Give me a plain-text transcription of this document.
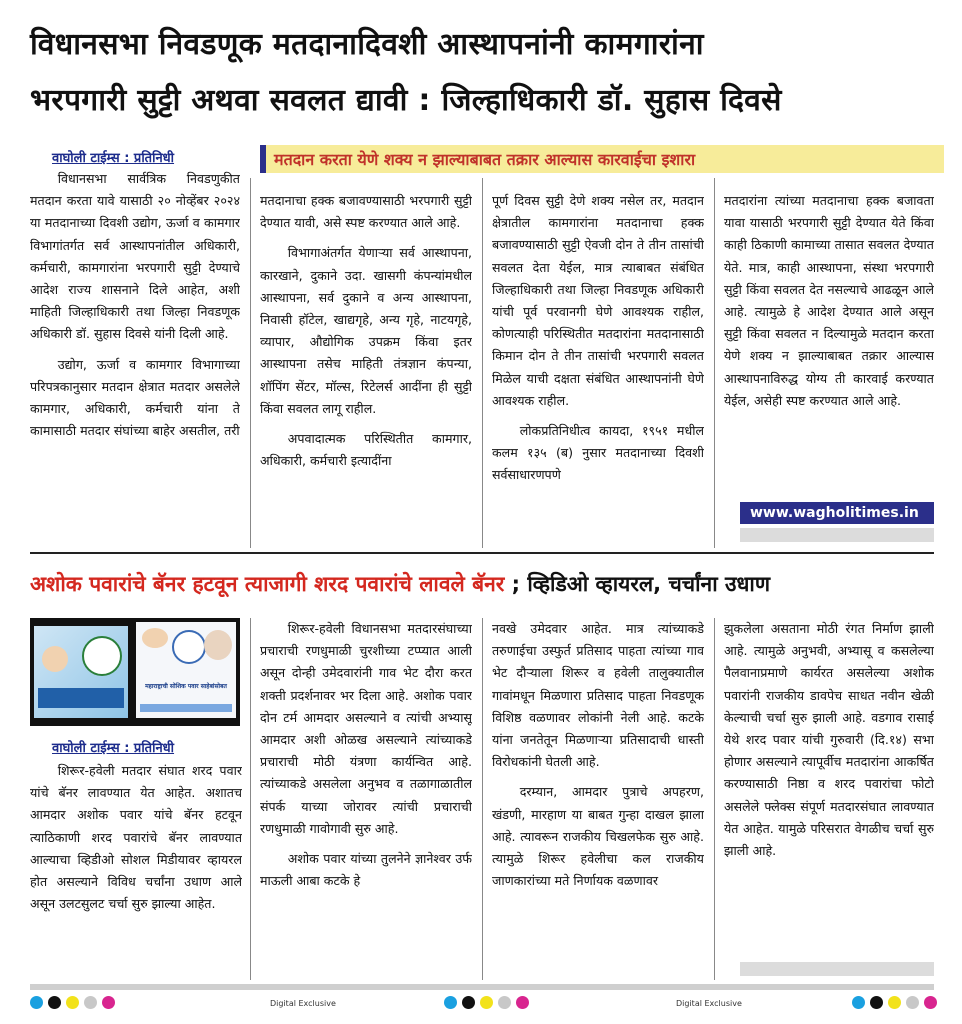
विधानसभा निवडणूक मतदानादिवशी आस्थापनांनी कामगारांना
भरपगारी सुट्टी अथवा सवलत द्यावी : जिल्हाधिकारी डॉ. सुहास दिवसे
वाघोली टाईम्स : प्रतिनिधी	मतदान करता येणे शक्य न झाल्याबाबत तक्रार आल्यास कारवाईचा इशारा

विधानसभा सार्वत्रिक निवडणुकीत मतदान करता यावे यासाठी २० नोव्हेंबर २०२४ या मतदानाच्या दिवशी उद्योग, ऊर्जा व कामगार विभागांतर्गत सर्व आस्थापनांतील अधिकारी, कर्मचारी, कामगारांना भरपगारी सुट्टी देण्याचे आदेश राज्य शासनाने दिले आहेत, अशी माहिती जिल्हाधिकारी तथा जिल्हा निवडणूक अधिकारी डॉ. सुहास दिवसे यांनी दिली आहे.

उद्योग, ऊर्जा व कामगार विभागाच्या परिपत्रकानुसार मतदान क्षेत्रात मतदार असलेले कामगार, अधिकारी, कर्मचारी यांना ते कामासाठी मतदार संघांच्या बाहेर असतील, तरी

मतदानाचा हक्क बजावण्यासाठी भरपगारी सुट्टी देण्यात यावी, असे स्पष्ट करण्यात आले आहे.

विभागाअंतर्गत येणाऱ्या सर्व आस्थापना, कारखाने, दुकाने उदा. खासगी कंपन्यांमधील आस्थापना, सर्व दुकाने व अन्य आस्थापना, निवासी हॉटेल, खाद्यगृहे, अन्य गृहे, नाटयगृहे, व्यापार, औद्योगिक उपक्रम किंवा इतर आस्थापना तसेच माहिती तंत्रज्ञान कंपन्या, शॉपिंग सेंटर, मॉल्स, रिटेलर्स आदींना ही सुट्टी किंवा सवलत लागू राहील.

अपवादात्मक परिस्थितीत कामगार, अधिकारी, कर्मचारी इत्यादींना

पूर्ण दिवस सुट्टी देणे शक्य नसेल तर, मतदान क्षेत्रातील कामगारांना मतदानाचा हक्क बजावण्यासाठी सुट्टी ऐवजी दोन ते तीन तासांची सवलत देता येईल, मात्र त्याबाबत संबंधित जिल्हाधिकारी तथा जिल्हा निवडणूक अधिकारी यांची पूर्व परवानगी घेणे आवश्यक राहील, कोणत्याही परिस्थितीत मतदारांना मतदानासाठी किमान दोन ते तीन तासांची भरपगारी सवलत मिळेल याची दक्षता संबंधित आस्थापनांनी घेणे आवश्यक राहील.

लोकप्रतिनिधीत्व कायदा, १९५१ मधील कलम १३५ (ब) नुसार मतदानाच्या दिवशी सर्वसाधारणपणे

मतदारांना त्यांच्या मतदानाचा हक्क बजावता यावा यासाठी भरपगारी सुट्टी देण्यात येते किंवा काही ठिकाणी कामाच्या तासात सवलत देण्यात येते. मात्र, काही आस्थापना, संस्था भरपगारी सुट्टी किंवा सवलत देत नसल्याचे आढळून आले आहे. त्यामुळे हे आदेश देण्यात आले असून सुट्टी किंवा सवलत न दिल्यामुळे मतदान करता येणे शक्य न झाल्याबाबत तक्रार आल्यास आस्थापनाविरुद्ध योग्य ती कारवाई करण्यात येईल, असेही स्पष्ट करण्यात आले आहे.

www.wagholitimes.in
अशोक पवारांचे बॅनर हटवून त्याजागी शरद पवारांचे लावले बॅनर ; व्हिडिओ व्हायरल, चर्चांना उधाण
महाराष्ट्राची सोशिक पवार साहेबांसोबत
वाघोली टाईम्स : प्रतिनिधी

शिरूर-हवेली मतदार संघात शरद पवार यांचे बॅनर लावण्यात येत आहेत. अशातच आमदार अशोक पवार यांचे बॅनर हटवून त्याठिकाणी शरद पवारांचे बॅनर लावण्यात आल्याचा व्हिडीओ सोशल मिडीयावर व्हायरल होत असल्याने विविध चर्चांना उधाण आले असून उलटसुलट चर्चा सुरु झाल्या आहेत.

शिरूर-हवेली विधानसभा मतदारसंघाच्या प्रचाराची रणधुमाळी चुरशीच्या टप्प्यात आली असून दोन्ही उमेदवारांनी गाव भेट दौरा करत शक्ती प्रदर्शनावर भर दिला आहे. अशोक पवार दोन टर्म आमदार असल्याने व त्यांची अभ्यासू आमदार अशी ओळख असल्याने त्यांच्याकडे प्रचाराची मोठी यंत्रणा कार्यन्वित आहे. त्यांच्याकडे असलेला अनुभव व तळागाळातील संपर्क याच्या जोरावर त्यांची प्रचाराची रणधुमाळी गावोगावी सुरु आहे.

अशोक पवार यांच्या तुलनेने ज्ञानेश्वर उर्फ माऊली आबा कटके हे

नवखे उमेदवार आहेत. मात्र त्यांच्याकडे तरुणाईचा उस्फुर्त प्रतिसाद पाहता त्यांच्या गाव भेट दौऱ्याला शिरूर व हवेली तालुक्यातील गावांमधून मिळणारा प्रतिसाद पाहता निवडणूक विशिष्ठ वळणावर लोकांनी नेली आहे. कटके यांना जनतेतून मिळणाऱ्या प्रतिसादाची धास्ती विरोधकांनी घेतली आहे.

दरम्यान, आमदार पुत्राचे अपहरण, खंडणी, मारहाण या बाबत गुन्हा दाखल झाला आहे. त्यावरून राजकीय चिखलफेक सुरु आहे. त्यामुळे शिरूर हवेलीचा कल राजकीय जाणकारांच्या मते निर्णायक वळणावर

झुकलेला असताना मोठी रंगत निर्माण झाली आहे. त्यामुळे अनुभवी, अभ्यासू व कसलेल्या पैलवानाप्रमाणे कार्यरत असलेल्या अशोक पवारांनी राजकीय डावपेच साधत नवीन खेळी केल्याची चर्चा सुरु झाली आहे. वडगाव रासाई येथे शरद पवार यांची गुरुवारी (दि.१४) सभा होणार असल्याने त्यापूर्वीच मतदारांना आकर्षित करण्यासाठी निष्ठा व शरद पवारांचा फोटो असलेले फ्लेक्स संपूर्ण मतदारसंघात लावण्यात येत आहेत. यामुळे परिसरात वेगळीच चर्चा सुरु झाली आहे.

Digital Exclusive	Digital Exclusive
